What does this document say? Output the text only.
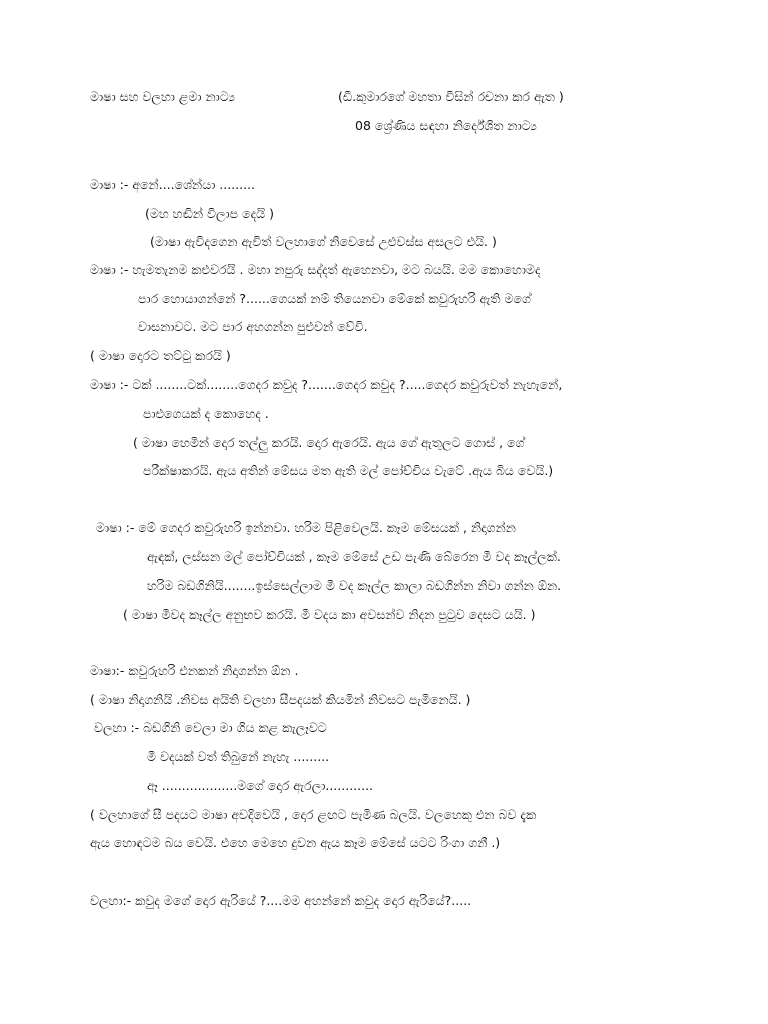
මාෂා සහ වලහා ළමා නාට්‍ය	(ඩී.කුමාරගේ මහතා විසින් රචනා කර ඇත )
08 ශ්‍රේණිය සඳහා නිර්දේශිත නාට්‍ය
මාෂා :- අනේ....ශේන්යා .........
(මහ හඬින් විලාප දෙයි )
(මාෂා ඇවිදගෙන ඇවිත් වලහාගේ නිවෙසේ උළුවස්ස අසලට එයි. )
මාෂා :- හැමතැනම කළුවරයි . මහා නපුරු සද්දත් ඇහෙනවා, මට බයයි. මම කොහොමද
පාර හොයාගන්නේ ?......ගෙයක් නම් තියෙනවා මේකේ කවුරුහරි ඇති මගේ
වාසනාවට. මට පාර අහගන්න පුළුවන් වේවි.
( මාෂා දොරට තට්ටු කරයි )
මාෂා :- ටක් ........ටක්........ගෙදර කවුද ?.......ගෙදර කවුද ?.....ගෙදර කවුරුවත් නැහැනේ,
පාළුගෙයක් ද කොහෙද .
( මාෂා හෙමින් දොර තල්ලු කරයි. දොර ඇරෙයි. ඇය ගේ ඇතුලට ගොස් , ගේ
පරීක්ෂාකරයි. ඇය අතින් මේසය මත ඇති මල් පෝච්චිය වැටේ .ඇය බිය වෙයි.)
මාෂා :- මේ ගෙදර කවුරුහරි ඉන්නවා. හරිම පිළිවෙලයි. කෑම මේසයක් , නිදාගන්න
ඇඳක්, ලස්සන මල් පෝච්චියක් , කෑම මේසේ උඩ පැණි බේරෙන මී වද කෑල්ලක්.
හරිම බඩගිනියි........ඉස්සෙල්ලාම මී වද කෑල්ල කාලා බඩගින්න නිවා ගන්න ඕන.
( මාෂා මීවද කෑල්ල අනුභව කරයි. මී වදය කා අවසන්ව නිදන පුටුව දෙසට යයි. )
මාෂා:- කවුරුහරි එනකන් නිදාගන්න ඕන .
( මාෂා නිදාගනියි .නිවස අයිති වලහා සීපදයක් කියමින් නිවසට පැමිනෙයි. )
වලහා :- බඩගිනි වෙලා මා ගිය කළ කැලෑවට
මී වදයක් වත් තිබුනේ නැහැ .........
ඈ ...................මගේ දොර ඇරලා............
( වලහාගේ සී පදයට මාෂා අවදිවෙයි , දොර ළඟට පැමිණ බලයි. වලහෙකු එන බව දැක
ඇය හොඳටම බය වෙයි. එහෙ මෙහෙ දුවන ඇය කෑම මේසේ යටට රිංගා ගනී .)
වලහා:- කවුද මගේ දොර ඇරියේ ?....මම අහන්නේ කවුද දොර ඇරියේ?.....
